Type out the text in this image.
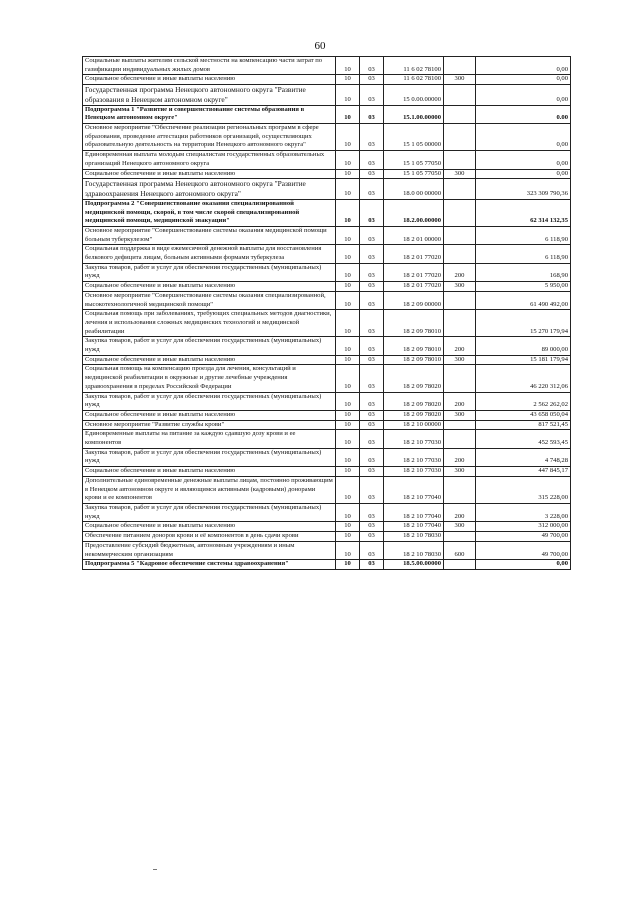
60
Социальные выплаты жителям сельской местности на компенсацию части затрат по газификации индивидуальных жилых домов	10	03	11 6 02 78100		0,00
Социальное обеспечение и иные выплаты населению	10	03	11 6 02 78100	300	0,00
Государственная программа Ненецкого автономного округа "Развитие образования в Ненецком автономном округе"	10	03	15 0.00.00000		0,00
Подпрограмма 1 "Развитие и совершенствование системы образования в Ненецком автономном округе"	10	03	15.1.00.00000		0.00
Основное мероприятие "Обеспечение реализации региональных программ в сфере образования, проведение аттестации работников организаций, осуществляющих образовательную деятельность на территории Ненецкого автономного округа"	10	03	15 1 05 00000		0,00
Единовременная выплата молодым специалистам государственных образовательных организаций Ненецкого автономного округа	10	03	15 1 05 77050		0,00
Социальное обеспечение и иные выплаты населению	10	03	15 1 05 77050	300	0,00
Государственная программа Ненецкого автономного округа "Развитие здравоохранения Ненецкого автономного округа"	10	03	18.0 00 00000		323 309 790,36
Подпрограмма 2 "Совершенствование оказания специализированной медицинской помощи, скорой, в том числе скорой специализированной медицинской помощи, медицинской эвакуации"	10	03	18.2.00.00000		62 314 132,35
Основное мероприятие "Совершенствование системы оказания медицинской помощи больным туберкулезом"	10	03	18 2 01 00000		6 118,90
Социальная поддержка в виде ежемесячной денежной выплаты для восстановления белкового дефицита лицам, больным активными формами туберкулеза	10	03	18 2 01 77020		6 118,90
Закупка товаров, работ и услуг для обеспечения государственных (муниципальных) нужд	10	03	18 2 01 77020	200	168,90
Социальное обеспечение и иные выплаты населению	10	03	18 2 01 77020	300	5 950,00
Основное мероприятие "Совершенствование системы оказания специализированной, высокотехнологичной медицинской помощи"	10	03	18 2 09 00000		61 490 492,00
Социальная помощь при заболеваниях, требующих специальных методов диагностики, лечения и использования сложных медицинских технологий и медицинской реабилитации	10	03	18 2 09 78010		15 270 179,94
Закупка товаров, работ и услуг для обеспечения государственных (муниципальных) нужд	10	03	18 2 09 78010	200	89 000,00
Социальное обеспечение и иные выплаты населению	10	03	18 2 09 78010	300	15 181 179,94
Социальная помощь на компенсацию проезда для лечения, консультаций и медицинской реабилитации в окружные и другие лечебные учреждения здравоохранения в пределах Российской Федерации	10	03	18 2 09 78020		46 220 312,06
Закупка товаров, работ и услуг для обеспечения государственных (муниципальных) нужд	10	03	18 2 09 78020	200	2 562 262,02
Социальное обеспечение и иные выплаты населению	10	03	18 2 09 78020	300	43 658 050,04
Основное мероприятие "Развитие службы крови"	10	03	18 2 10 00000		817 521,45
Единовременные выплаты на питание за каждую сдавшую дозу крови и ее компонентов	10	03	18 2 10 77030		452 593,45
Закупка товаров, работ и услуг для обеспечения государственных (муниципальных) нужд	10	03	18 2 10 77030	200	4 748,28
Социальное обеспечение и иные выплаты населению	10	03	18 2 10 77030	300	447 845,17
Дополнительные единовременные денежные выплаты лицам, постоянно проживающим в Ненецком автономном округе и являющимся активными (кадровыми) донорами крови и ее компонентов	10	03	18 2 10 77040		315 228,00
Закупка товаров, работ и услуг для обеспечения государственных (муниципальных) нужд	10	03	18 2 10 77040	200	3 228,00
Социальное обеспечение и иные выплаты населению	10	03	18 2 10 77040	300	312 000,00
Обеспечение питанием доноров крови и её компонентов в день сдачи крови	10	03	18 2 10 78030		49 700,00
Предоставление субсидий бюджетным, автономным учреждениям и иным некоммерческим организациям	10	03	18 2 10 78030	600	49 700,00
Подпрограмма 5 "Кадровое обеспечение системы здравоохранения"	10	03	18.5.00.00000		0,00
